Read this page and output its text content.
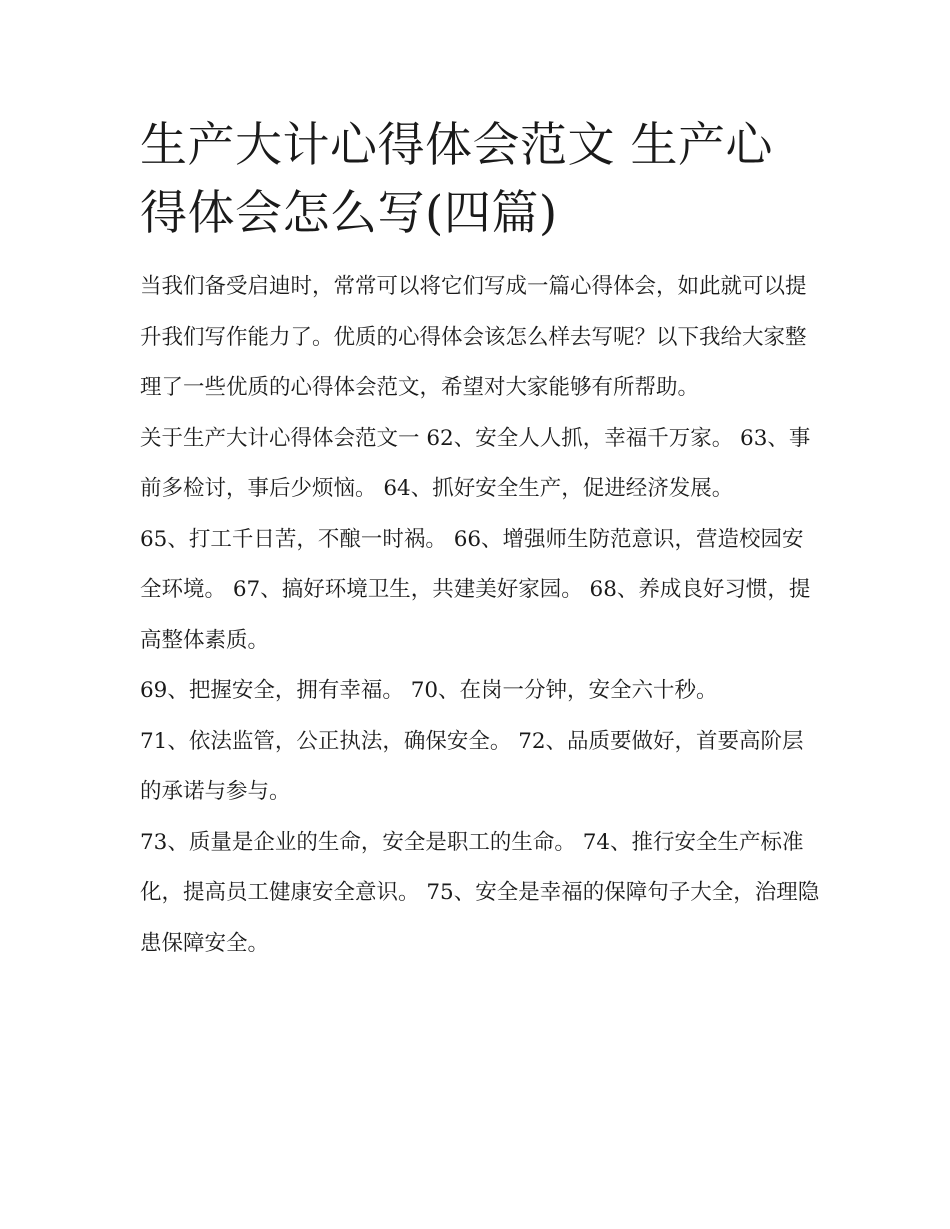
生产大计心得体会范文 生产心得体会怎么写(四篇)

当我们备受启迪时，常常可以将它们写成一篇心得体会，如此就可以提升我们写作能力了。优质的心得体会该怎么样去写呢？以下我给大家整理了一些优质的心得体会范文，希望对大家能够有所帮助。

关于生产大计心得体会范文一 62、安全人人抓，幸福千万家。 63、事前多检讨，事后少烦恼。 64、抓好安全生产，促进经济发展。

65、打工千日苦，不酿一时祸。 66、增强师生防范意识，营造校园安全环境。 67、搞好环境卫生，共建美好家园。 68、养成良好习惯，提高整体素质。

69、把握安全，拥有幸福。 70、在岗一分钟，安全六十秒。

71、依法监管，公正执法，确保安全。 72、品质要做好，首要高阶层的承诺与参与。

73、质量是企业的生命，安全是职工的生命。 74、推行安全生产标准化，提高员工健康安全意识。 75、安全是幸福的保障句子大全，治理隐患保障安全。
